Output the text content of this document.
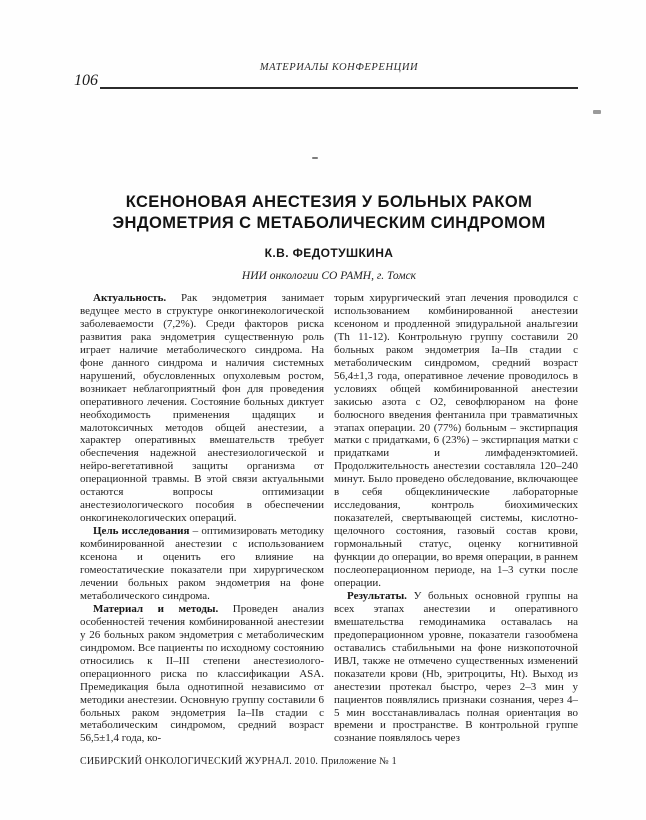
МАТЕРИАЛЫ КОНФЕРЕНЦИИ
106
КСЕНОНОВАЯ АНЕСТЕЗИЯ У БОЛЬНЫХ РАКОМ
ЭНДОМЕТРИЯ С МЕТАБОЛИЧЕСКИМ СИНДРОМОМ
К.В. ФЕДОТУШКИНА
НИИ онкологии СО РАМН, г. Томск

Актуальность. Рак эндометрия занимает ведущее место в структуре онкогинекологической заболеваемости (7,2%). Среди факторов риска развития рака эндометрия существенную роль играет наличие метаболического синдрома. На фоне данного синдрома и наличия системных нарушений, обусловленных опухолевым ростом, возникает неблагоприятный фон для проведения оперативного лечения. Состояние больных диктует необходимость применения щадящих и малотоксичных методов общей анестезии, а характер оперативных вмешательств требует обеспечения надежной анестезиологической и нейро-вегетативной защиты организма от операционной травмы. В этой связи актуальными остаются вопросы оптимизации анестезиологического пособия в обеспечении онкогинекологических операций.

Цель исследования – оптимизировать методику комбинированной анестезии с использованием ксенона и оценить его влияние на гомеостатические показатели при хирургическом лечении больных раком эндометрия на фоне метаболического синдрома.

Материал и методы. Проведен анализ особенностей течения комбинированной анестезии у 26 больных раком эндометрия с метаболическим синдромом. Все пациенты по исходному состоянию относились к II–III степени анестезиолого-операционного риска по классификации ASA. Премедикация была однотипной независимо от методики анестезии. Основную группу составили 6 больных раком эндометрия Iа–IIв стадии с метаболическим синдромом, средний возраст 56,5±1,4 года, ко-

торым хирургический этап лечения проводился с использованием комбинированной анестезии ксеноном и продленной эпидуральной анальгезии (Th 11-12). Контрольную группу составили 20 больных раком эндометрия Iа–IIв стадии с метаболическим синдромом, средний возраст 56,4±1,3 года, оперативное лечение проводилось в условиях общей комбинированной анестезии закисью азота с О2, севофлюраном на фоне болюсного введения фентанила при травматичных этапах операции. 20 (77%) больным – экстирпация матки с придатками, 6 (23%) – экстирпация матки с придатками и лимфаденэктомией. Продолжительность анестезии составляла 120–240 минут. Было проведено обследование, включающее в себя общеклинические лабораторные исследования, контроль биохимических показателей, свертывающей системы, кислотно-щелочного состояния, газовый состав крови, гормональный статус, оценку когнитивной функции до операции, во время операции, в раннем послеоперационном периоде, на 1–3 сутки после операции.

Результаты. У больных основной группы на всех этапах анестезии и оперативного вмешательства гемодинамика оставалась на предоперационном уровне, показатели газообмена оставались стабильными на фоне низкопоточной ИВЛ, также не отмечено существенных изменений показатели крови (Hb, эритроциты, Ht). Выход из анестезии протекал быстро, через 2–3 мин у пациентов появлялись признаки сознания, через 4–5 мин восстанавливалась полная ориентация во времени и пространстве. В контрольной группе сознание появлялось через

СИБИРСКИЙ ОНКОЛОГИЧЕСКИЙ ЖУРНАЛ. 2010. Приложение № 1
